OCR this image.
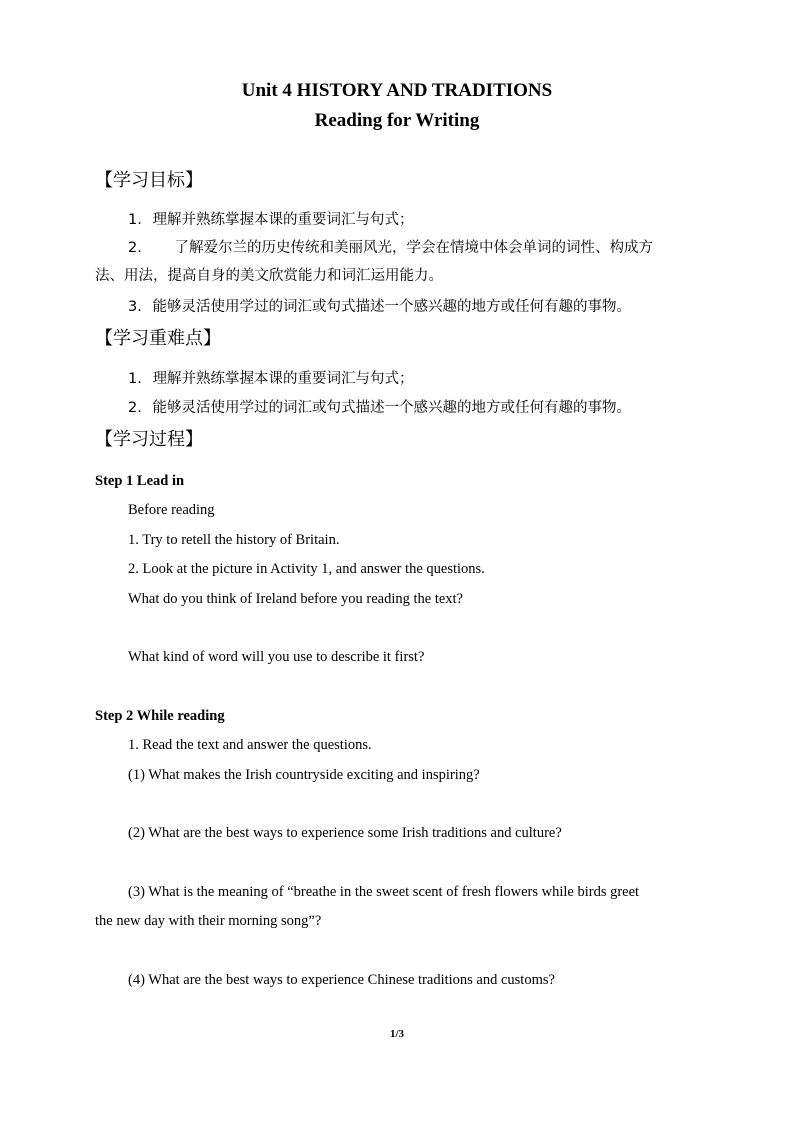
Unit 4 HISTORY AND TRADITIONS
Reading for Writing
【学习目标】
1. 理解并熟练掌握本课的重要词汇与句式；
2. 了解爱尔兰的历史传统和美丽风光，学会在情境中体会单词的词性、构成方
法、用法，提高自身的美文欣赏能力和词汇运用能力。
3. 能够灵活使用学过的词汇或句式描述一个感兴趣的地方或任何有趣的事物。
【学习重难点】
1. 理解并熟练掌握本课的重要词汇与句式；
2. 能够灵活使用学过的词汇或句式描述一个感兴趣的地方或任何有趣的事物。
【学习过程】
Step 1 Lead in
Before reading
1. Try to retell the history of Britain.
2. Look at the picture in Activity 1, and answer the questions.
What do you think of Ireland before you reading the text?
What kind of word will you use to describe it first?
Step 2 While reading
1. Read the text and answer the questions.
(1) What makes the Irish countryside exciting and inspiring?
(2) What are the best ways to experience some Irish traditions and culture?
(3) What is the meaning of “breathe in the sweet scent of fresh flowers while birds greet
the new day with their morning song”?
(4) What are the best ways to experience Chinese traditions and customs?
1/3
